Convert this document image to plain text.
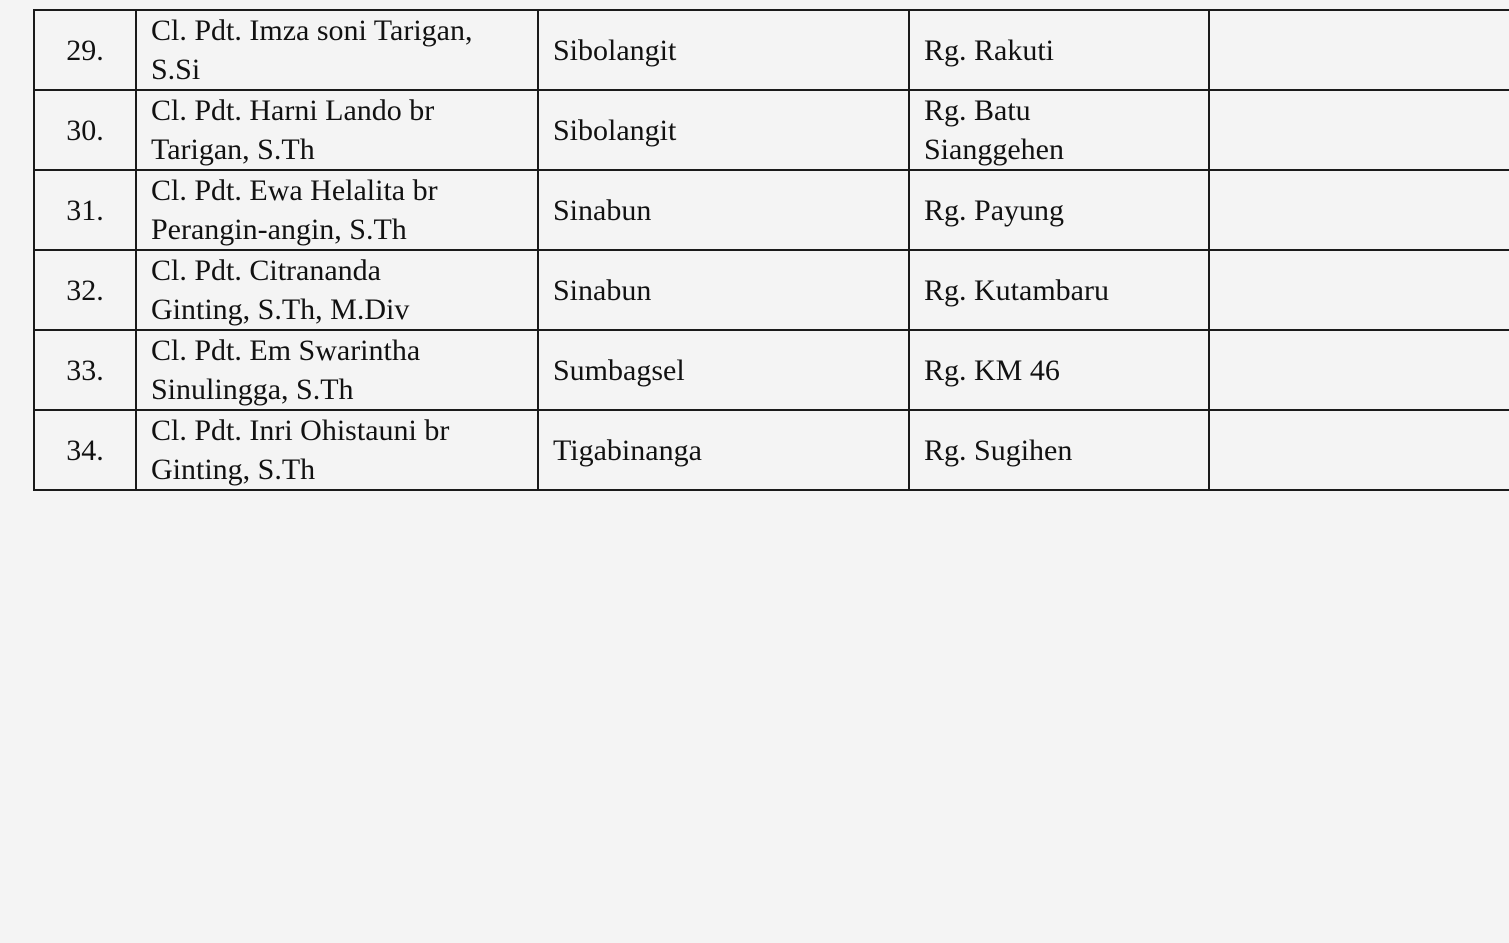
29.	Cl. Pdt. Imza soni Tarigan,
S.Si	Sibolangit	Rg. Rakuti	
30.	Cl. Pdt. Harni Lando br
Tarigan, S.Th	Sibolangit	Rg. Batu
Sianggehen	
31.	Cl. Pdt. Ewa Helalita br
Perangin-angin, S.Th	Sinabun	Rg. Payung	
32.	Cl. Pdt. Citrananda
Ginting, S.Th, M.Div	Sinabun	Rg. Kutambaru	
33.	Cl. Pdt. Em Swarintha
Sinulingga, S.Th	Sumbagsel	Rg. KM 46	
34.	Cl. Pdt. Inri Ohistauni br
Ginting, S.Th	Tigabinanga	Rg. Sugihen	
